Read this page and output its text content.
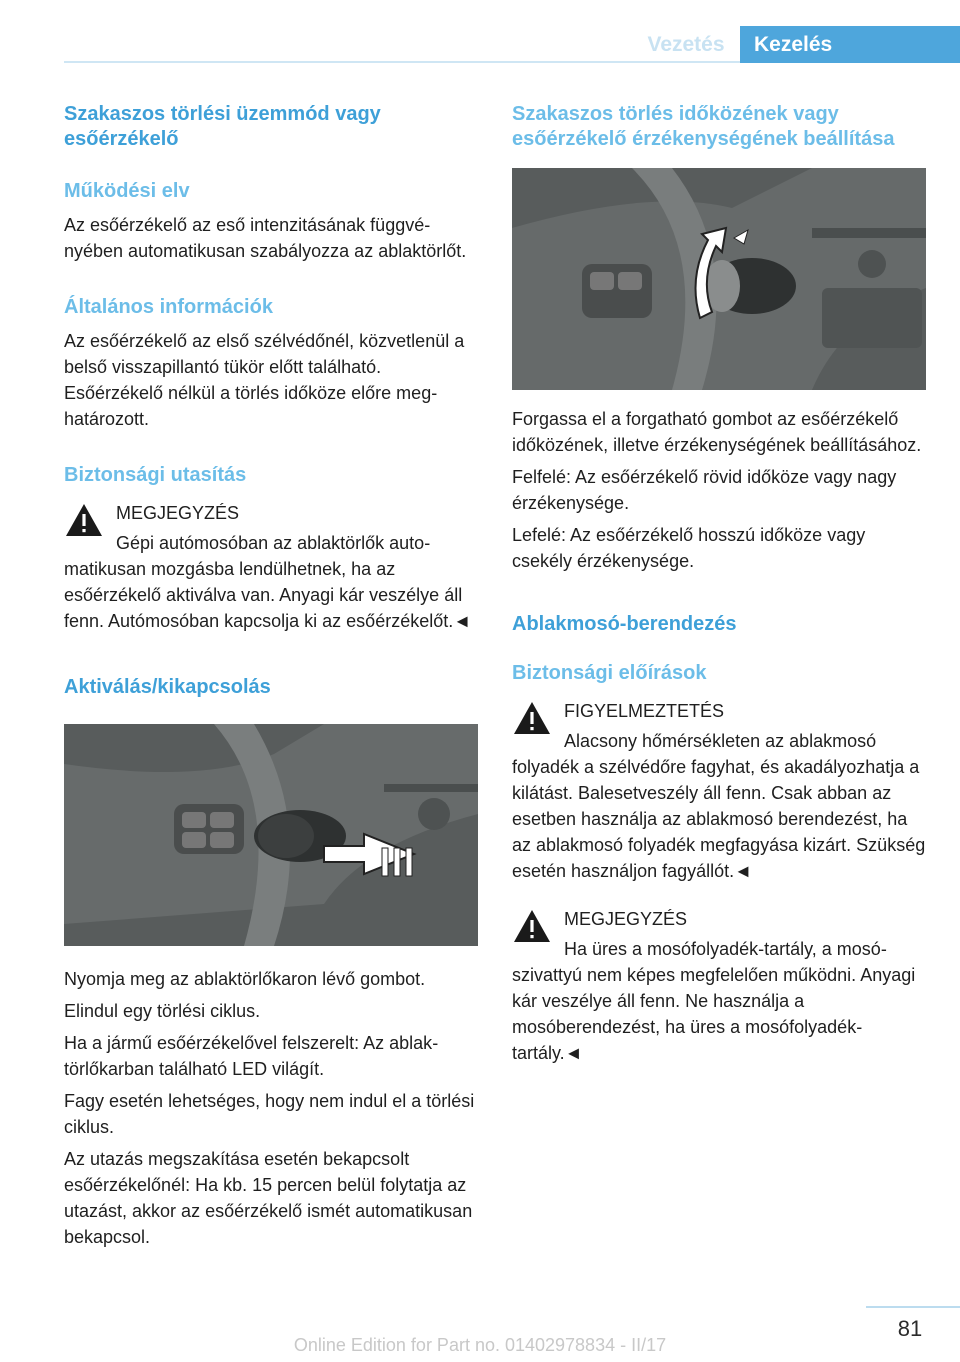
Vezetés	Kezelés
Szakaszos törlési üzemmód vagy esőérzékelő
Működési elv

Az esőérzékelő az eső intenzitásának függvényében automatikusan szabályozza az ablaktörlőt.

Általános információk

Az esőérzékelő az első szélvédőnél, közvetlenül a belső visszapillantó tükör előtt található. Esőérzékelő nélkül a törlés időköze előre meghatározott.

Biztonsági utasítás

MEGJEGYZÉS

Gépi autómosóban az ablaktörlők automatikusan mozgásba lendülhetnek, ha az esőérzékelő aktiválva van. Anyagi kár veszélye áll fenn. Autómosóban kapcsolja ki az esőérzékelőt.◄

Aktiválás/kikapcsolás

Nyomja meg az ablaktörlőkaron lévő gombot.

Elindul egy törlési ciklus.

Ha a jármű esőérzékelővel felszerelt: Az ablaktörlőkarban található LED világít.

Fagy esetén lehetséges, hogy nem indul el a törlési ciklus.

Az utazás megszakítása esetén bekapcsolt esőérzékelőnél: Ha kb. 15 percen belül folytatja az utazást, akkor az esőérzékelő ismét automatikusan bekapcsol.

Szakaszos törlés időközének vagy esőérzékelő érzékenységének beállítása

Forgassa el a forgatható gombot az esőérzékelő időközének, illetve érzékenységének beállításához.

Felfelé: Az esőérzékelő rövid időköze vagy nagy érzékenysége.

Lefelé: Az esőérzékelő hosszú időköze vagy csekély érzékenysége.

Ablakmosó-berendezés
Biztonsági előírások

FIGYELMEZTETÉS

Alacsony hőmérsékleten az ablakmosó folyadék a szélvédőre fagyhat, és akadályozhatja a kilátást. Balesetveszély áll fenn. Csak abban az esetben használja az ablakmosó berendezést, ha az ablakmosó folyadék megfagyása kizárt. Szükség esetén használjon fagyállót.◄

MEGJEGYZÉS

Ha üres a mosófolyadék-tartály, a mosószivattyú nem képes megfelelően működni. Anyagi kár veszélye áll fenn. Ne használja a mosóberendezést, ha üres a mosófolyadéktartály.◄

81
Online Edition for Part no. 01402978834 - II/17
